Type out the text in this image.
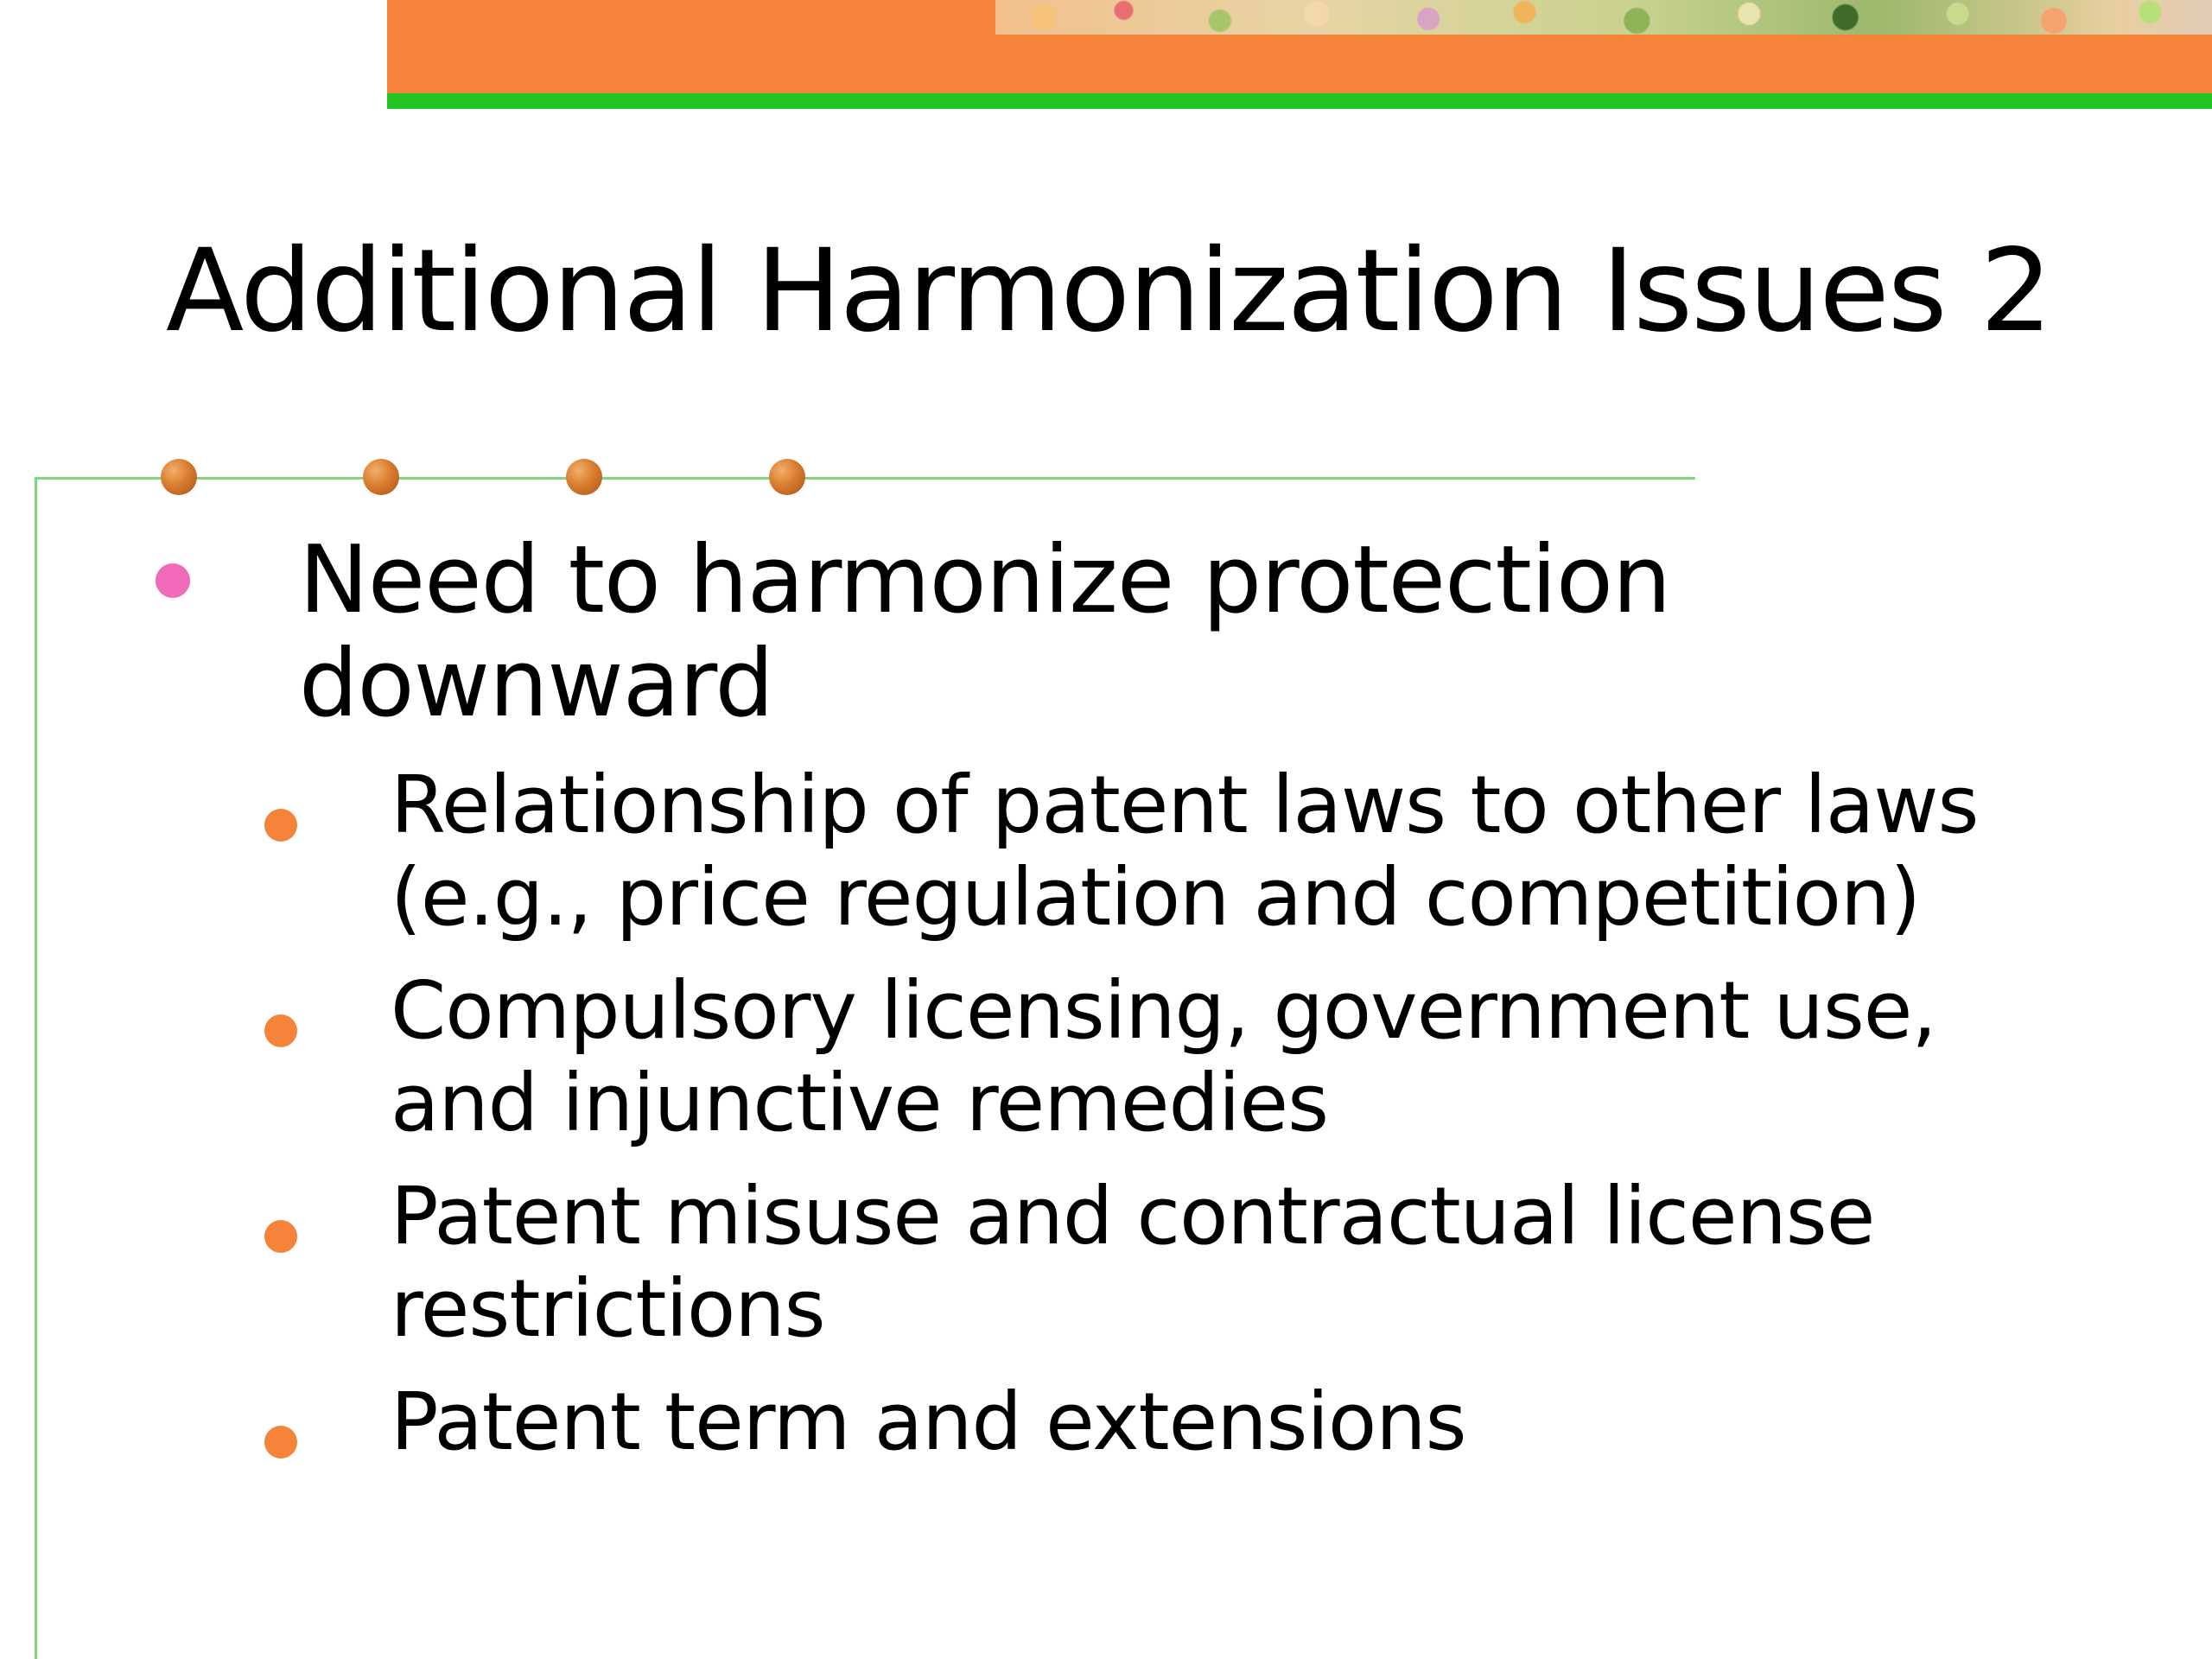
Additional Harmonization Issues 2
Need to harmonize protection downward
Relationship of patent laws to other laws (e.g., price regulation and competition)
Compulsory licensing, government use, and injunctive remedies
Patent misuse and contractual license restrictions
Patent term and extensions
